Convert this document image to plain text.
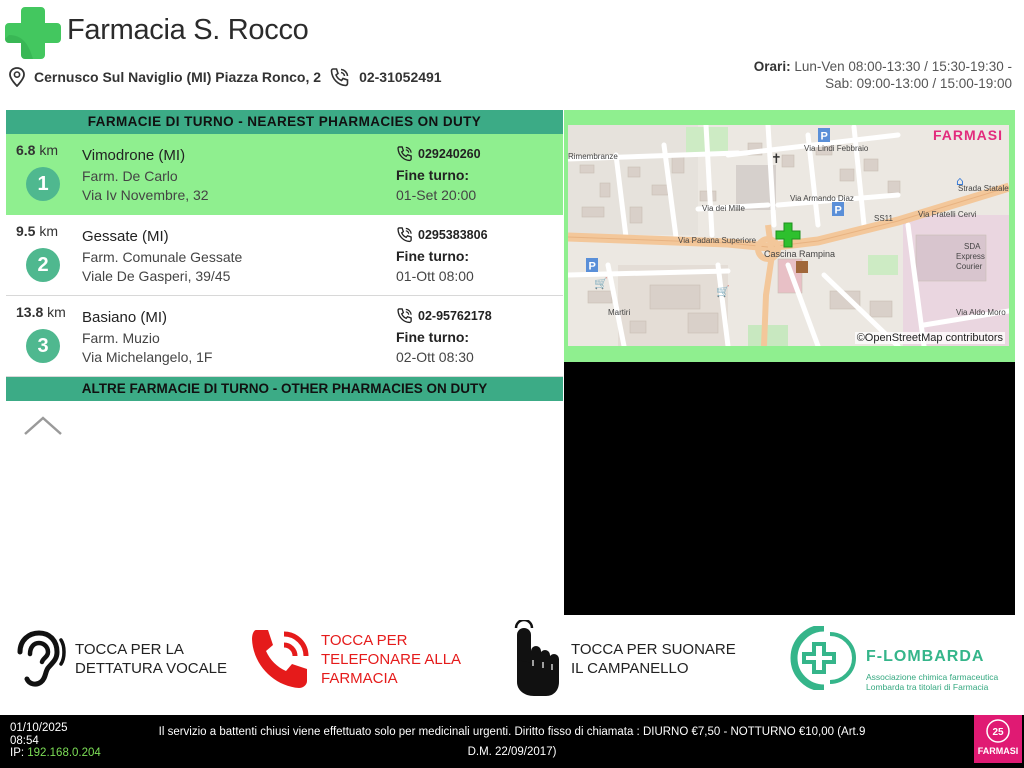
Farmacia S. Rocco
Cernusco Sul Naviglio (MI) Piazza Ronco, 2	02-31052491
Orari: Lun-Ven 08:00-13:30 / 15:30-19:30 -
Sab: 09:00-13:00 / 15:00-19:00
FARMACIE DI TURNO - NEAREST PHARMACIES ON DUTY
6.8 km
1
Vimodrone (MI)
Farm. De Carlo
Via Iv Novembre, 32
029240260
Fine turno:
01-Set 20:00
9.5 km
2
Gessate (MI)
Farm. Comunale Gessate
Viale De Gasperi, 39/45
0295383806
Fine turno:
01-Ott 08:00
13.8 km
3
Basiano (MI)
Farm. Muzio
Via Michelangelo, 1F
02-95762178
Fine turno:
02-Ott 08:30
ALTRE FARMACIE DI TURNO - OTHER PHARMACIES ON DUTY
P
P
P
✝
⌂
🛒
🛒
Rimembranze
Via Lindi Febbraio
Via Armando Diaz
Via dei Mille
Via Padana Superiore
Cascina Rampina
Strada Statale
SS11	Via Fratelli Cervi
SDA
Express
Courier
Via Aldo Moro
Martiri
FARMASI
©OpenStreetMap contributors
TOCCA PER LA
DETTATURA VOCALE
TOCCA PER
TELEFONARE ALLA
FARMACIA
TOCCA PER SUONARE
IL CAMPANELLO
F-LOMBARDA
Associazione chimica farmaceutica
Lombarda tra titolari di Farmacia
01/10/2025
08:54
IP: 192.168.0.204
Il servizio a battenti chiusi viene effettuato solo per medicinali urgenti. Diritto fisso di chiamata : DIURNO €7,50 - NOTTURNO €10,00 (Art.9 D.M. 22/09/2017)
25
FARMASI
